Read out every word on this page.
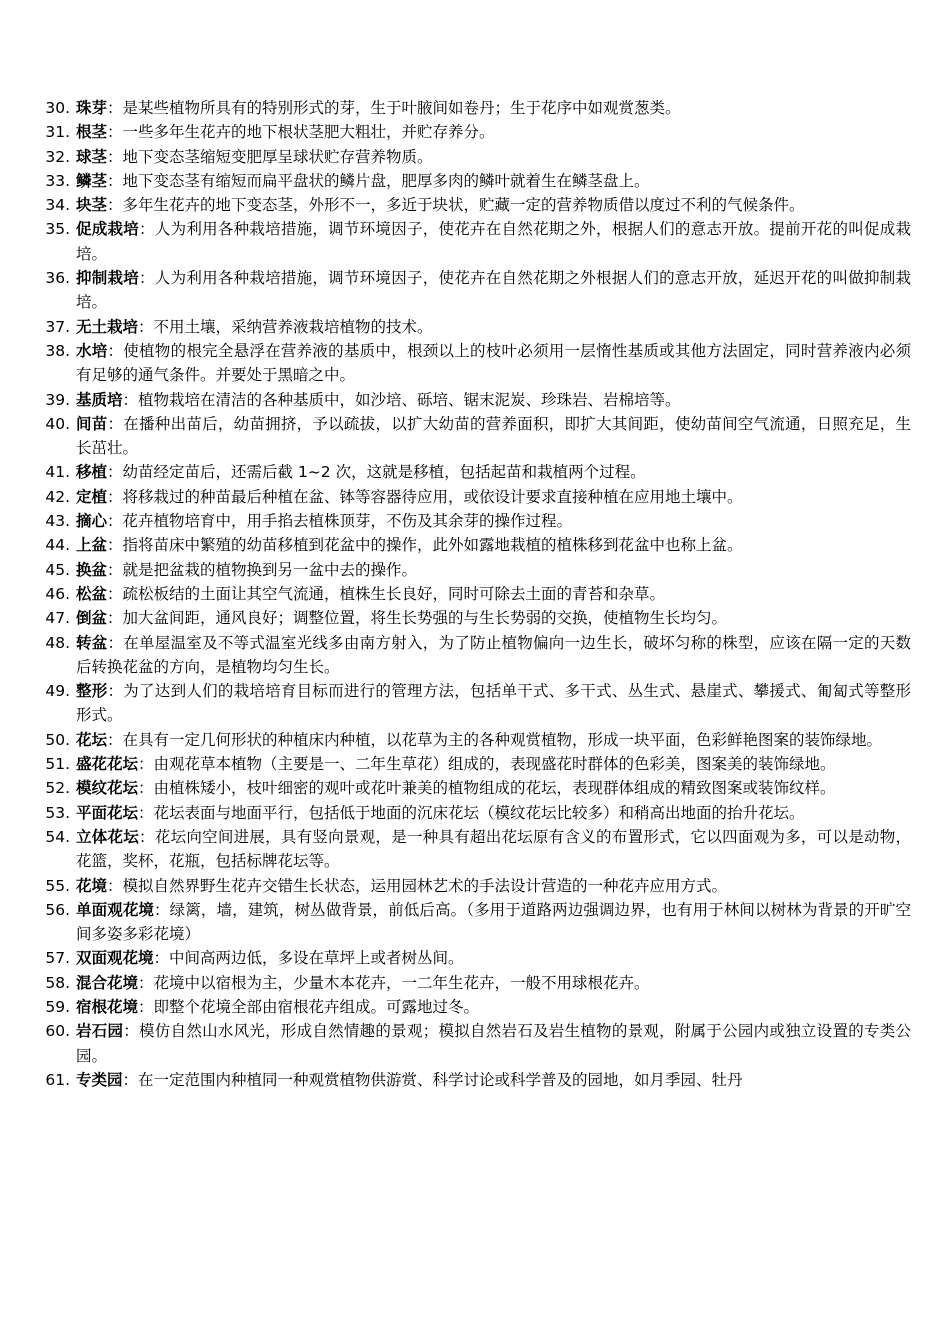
30. 珠芽：是某些植物所具有的特别形式的芽，生于叶腋间如卷丹；生于花序中如观赏葱类。
31. 根茎：一些多年生花卉的地下根状茎肥大粗壮，并贮存养分。
32. 球茎：地下变态茎缩短变肥厚呈球状贮存营养物质。
33. 鳞茎：地下变态茎有缩短而扁平盘状的鳞片盘，肥厚多肉的鳞叶就着生在鳞茎盘上。
34. 块茎：多年生花卉的地下变态茎，外形不一，多近于块状，贮藏一定的营养物质借以度过不利的气候条件。
35. 促成栽培：人为利用各种栽培措施，调节环境因子，使花卉在自然花期之外，根据人们的意志开放。提前开花的叫促成栽培。
36. 抑制栽培：人为利用各种栽培措施，调节环境因子，使花卉在自然花期之外根据人们的意志开放，延迟开花的叫做抑制栽培。
37. 无土栽培：不用土壤，采纳营养液栽培植物的技术。
38. 水培：使植物的根完全悬浮在营养液的基质中，根颈以上的枝叶必须用一层惰性基质或其他方法固定，同时营养液内必须有足够的通气条件。并要处于黑暗之中。
39. 基质培：植物栽培在清洁的各种基质中，如沙培、砾培、锯末泥炭、珍珠岩、岩棉培等。
40. 间苗：在播种出苗后，幼苗拥挤，予以疏拔，以扩大幼苗的营养面积，即扩大其间距，使幼苗间空气流通，日照充足，生长茁壮。
41. 移植：幼苗经定苗后，还需后截 1~2 次，这就是移植，包括起苗和栽植两个过程。
42. 定植：将移栽过的种苗最后种植在盆、钵等容器待应用，或依设计要求直接种植在应用地土壤中。
43. 摘心：花卉植物培育中，用手掐去植株顶芽，不伤及其余芽的操作过程。
44. 上盆：指将苗床中繁殖的幼苗移植到花盆中的操作，此外如露地栽植的植株移到花盆中也称上盆。
45. 换盆：就是把盆栽的植物换到另一盆中去的操作。
46. 松盆：疏松板结的土面让其空气流通，植株生长良好，同时可除去土面的青苔和杂草。
47. 倒盆：加大盆间距，通风良好；调整位置，将生长势强的与生长势弱的交换，使植物生长均匀。
48. 转盆：在单屋温室及不等式温室光线多由南方射入，为了防止植物偏向一边生长，破坏匀称的株型，应该在隔一定的天数后转换花盆的方向，是植物均匀生长。
49. 整形：为了达到人们的栽培培育目标而进行的管理方法，包括单干式、多干式、丛生式、悬崖式、攀援式、匍匐式等整形形式。
50. 花坛：在具有一定几何形状的种植床内种植，以花草为主的各种观赏植物，形成一块平面，色彩鲜艳图案的装饰绿地。
51. 盛花花坛：由观花草本植物（主要是一、二年生草花）组成的，表现盛花时群体的色彩美，图案美的装饰绿地。
52. 模纹花坛：由植株矮小，枝叶细密的观叶或花叶兼美的植物组成的花坛，表现群体组成的精致图案或装饰纹样。
53. 平面花坛：花坛表面与地面平行，包括低于地面的沉床花坛（模纹花坛比较多）和稍高出地面的抬升花坛。
54. 立体花坛：花坛向空间进展，具有竖向景观，是一种具有超出花坛原有含义的布置形式，它以四面观为多，可以是动物，花篮，奖杯，花瓶，包括标牌花坛等。
55. 花境：模拟自然界野生花卉交错生长状态，运用园林艺术的手法设计营造的一种花卉应用方式。
56. 单面观花境：绿篱，墙，建筑，树丛做背景，前低后高。（多用于道路两边强调边界，也有用于林间以树林为背景的开旷空间多姿多彩花境）
57. 双面观花境：中间高两边低，多设在草坪上或者树丛间。
58. 混合花境：花境中以宿根为主，少量木本花卉，一二年生花卉，一般不用球根花卉。
59. 宿根花境：即整个花境全部由宿根花卉组成。可露地过冬。
60. 岩石园：模仿自然山水风光，形成自然情趣的景观；模拟自然岩石及岩生植物的景观，附属于公园内或独立设置的专类公园。
61. 专类园：在一定范围内种植同一种观赏植物供游赏、科学讨论或科学普及的园地，如月季园、牡丹
